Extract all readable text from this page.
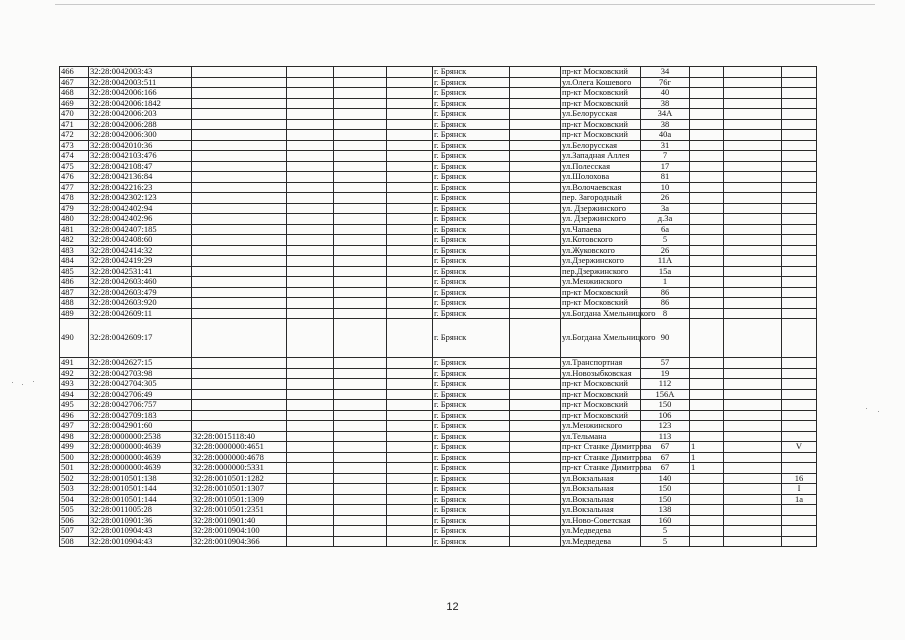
466	32:28:0042003:43					г. Брянск		пр-кт Московский	34			
467	32:28:0042003:511					г. Брянск		ул.Олега Кошевого	76г			
468	32:28:0042006:166					г. Брянск		пр-кт Московский	40			
469	32:28:0042006:1842					г. Брянск		пр-кт Московский	38			
470	32:28:0042006:203					г. Брянск		ул.Белорусская	34А			
471	32:28:0042006:288					г. Брянск		пр-кт Московский	38			
472	32:28:0042006:300					г. Брянск		пр-кт Московский	40а			
473	32:28:0042010:36					г. Брянск		ул.Белорусская	31			
474	32:28:0042103:476					г. Брянск		ул.Западная Аллея	7			
475	32:28:0042108:47					г. Брянск		ул.Полесская	17			
476	32:28:0042136:84					г. Брянск		ул.Шолохова	81			
477	32:28:0042216:23					г. Брянск		ул.Волочаевская	10			
478	32:28:0042302:123					г. Брянск		пер. Загородный	26			
479	32:28:0042402:94					г. Брянск		ул. Дзержинского	3а			
480	32:28:0042402:96					г. Брянск		ул. Дзержинского	д.3а			
481	32:28:0042407:185					г. Брянск		ул.Чапаева	6а			
482	32:28:0042408:60					г. Брянск		ул.Котовского	5			
483	32:28:0042414:32					г. Брянск		ул.Жуковского	26			
484	32:28:0042419:29					г. Брянск		ул.Дзержинского	11А			
485	32:28:0042531:41					г. Брянск		пер.Дзержинского	15а			
486	32:28:0042603:460					г. Брянск		ул.Менжинского	1			
487	32:28:0042603:479					г. Брянск		пр-кт Московский	86			
488	32:28:0042603:920					г. Брянск		пр-кт Московский	86			
489	32:28:0042609:11					г. Брянск		ул.Богдана Хмельницкого	8			
490	32:28:0042609:17					г. Брянск		ул.Богдана Хмельницкого	90			
491	32:28:0042627:15					г. Брянск		ул.Транспортная	57			
492	32:28:0042703:98					г. Брянск		ул.Новозыбковская	19			
493	32:28:0042704:305					г. Брянск		пр-кт Московский	112			
494	32:28:0042706:49					г. Брянск		пр-кт Московский	156А			
495	32:28:0042706:757					г. Брянск		пр-кт Московский	150			
496	32:28:0042709:183					г. Брянск		пр-кт Московский	106			
497	32:28:0042901:60					г. Брянск		ул.Менжинского	123			
498	32:28:0000000:2538	32:28:0015118:40				г. Брянск		ул.Тельмана	113			
499	32:28:0000000:4639	32:28:0000000:4651				г. Брянск		пр-кт Станке Димитрова	67	1		V
500	32:28:0000000:4639	32:28:0000000:4678				г. Брянск		пр-кт Станке Димитрова	67	1		
501	32:28:0000000:4639	32:28:0000000:5331				г. Брянск		пр-кт Станке Димитрова	67	1		
502	32:28:0010501:138	32:28:0010501:1282				г. Брянск		ул.Вокзальная	140			16
503	32:28:0010501:144	32:28:0010501:1307				г. Брянск		ул.Вокзальная	150			I
504	32:28:0010501:144	32:28:0010501:1309				г. Брянск		ул.Вокзальная	150			1а
505	32:28:0011005:28	32:28:0010501:2351				г. Брянск		ул.Вокзальная	138			
506	32:28:0010901:36	32:28:0010901:40				г. Брянск		ул.Ново-Советская	160			
507	32:28:0010904:43	32:28:0010904:100				г. Брянск		ул.Медведева	5			
508	32:28:0010904:43	32:28:0010904:366				г. Брянск		ул.Медведева	5			
12
